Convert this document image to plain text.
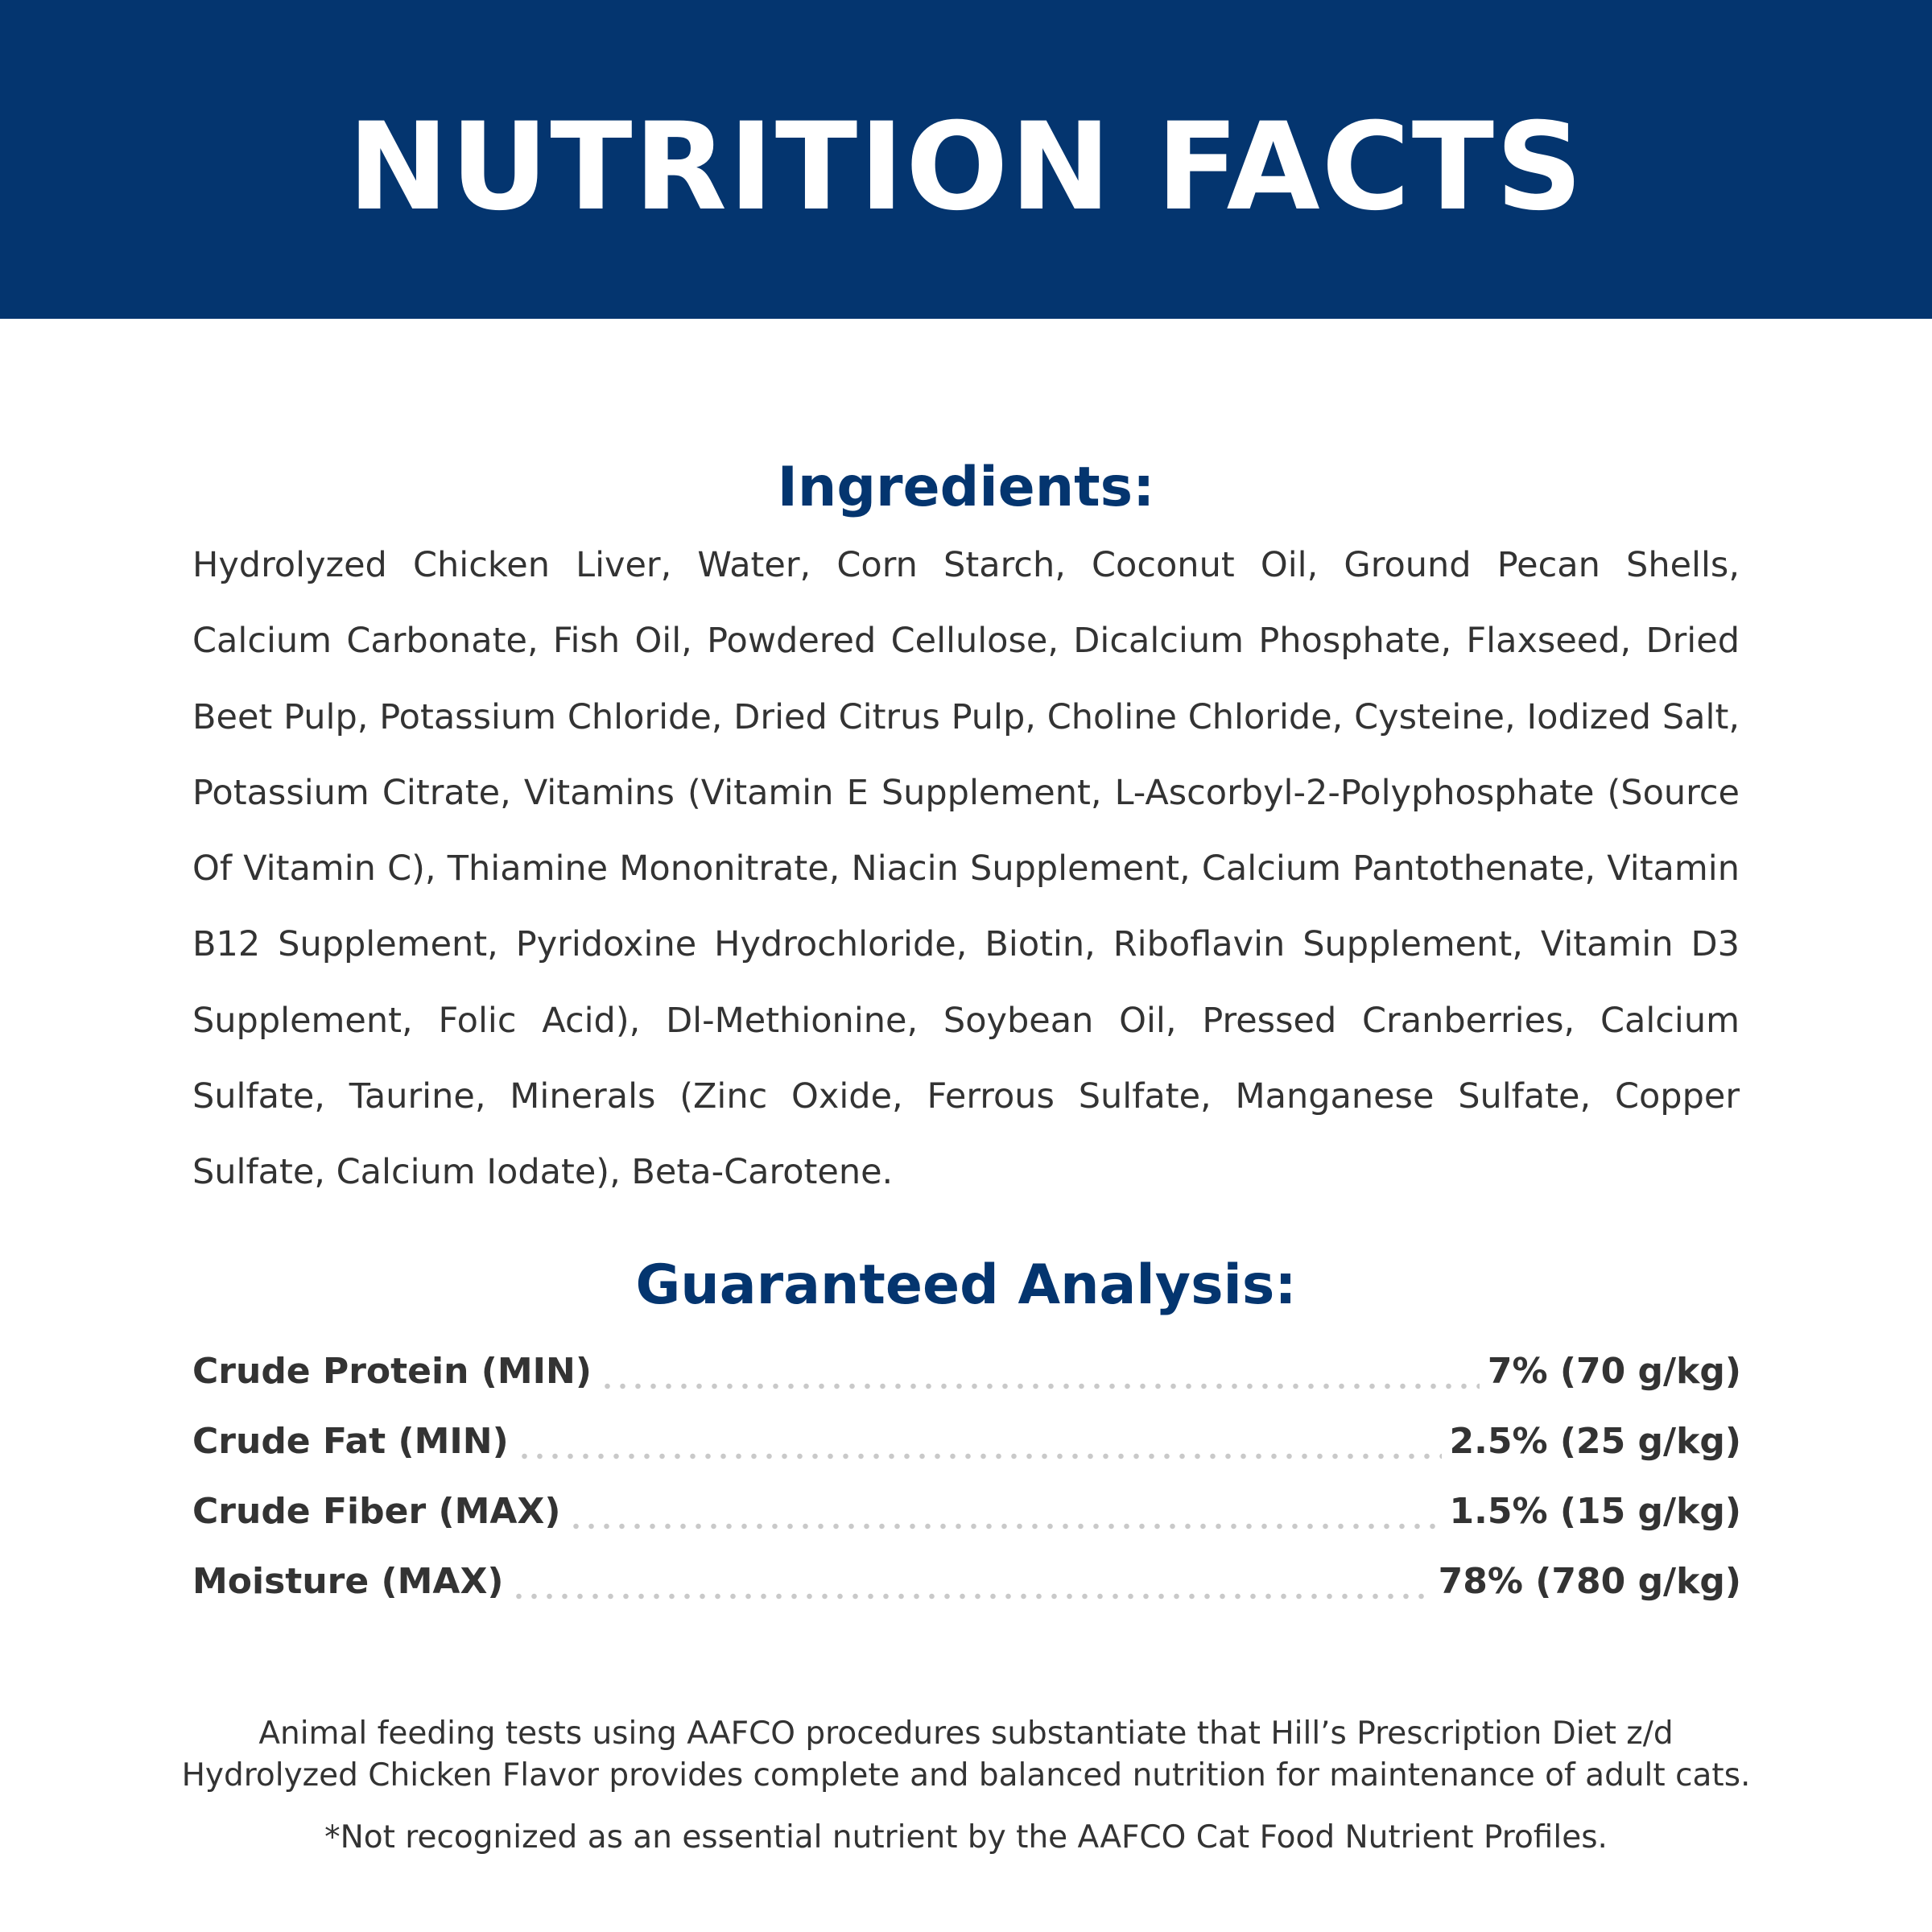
NUTRITION FACTS
Ingredients:

Hydrolyzed Chicken Liver, Water, Corn Starch, Coconut Oil, Ground Pecan Shells, Calcium Carbonate, Fish Oil, Powdered Cellulose, Dicalcium Phosphate, Flaxseed, Dried Beet Pulp, Potassium Chloride, Dried Citrus Pulp, Choline Chloride, Cysteine, Iodized Salt, Potassium Citrate, Vitamins (Vitamin E Supplement, L-Ascorbyl-2-Polyphosphate (Source Of Vitamin C), Thiamine Mononitrate, Niacin Supplement, Calcium Pantothenate, Vitamin B12 Supplement, Pyridoxine Hydrochloride, Biotin, Riboflavin Supplement, Vitamin D3 Supplement, Folic Acid), Dl-Methionine, Soybean Oil, Pressed Cranberries, Calcium Sulfate, Taurine, Minerals (Zinc Oxide, Ferrous Sulfate, Manganese Sulfate, Copper Sulfate, Calcium Iodate), Beta-Carotene.

Guaranteed Analysis:
Crude Protein (MIN)	7% (70 g/kg)
Crude Fat (MIN)	2.5% (25 g/kg)
Crude Fiber (MAX)	1.5% (15 g/kg)
Moisture (MAX)	78% (780 g/kg)
Animal feeding tests using AAFCO procedures substantiate that Hill’s Prescription Diet z/d
Hydrolyzed Chicken Flavor provides complete and balanced nutrition for maintenance of adult cats.

*Not recognized as an essential nutrient by the AAFCO Cat Food Nutrient Profiles.
